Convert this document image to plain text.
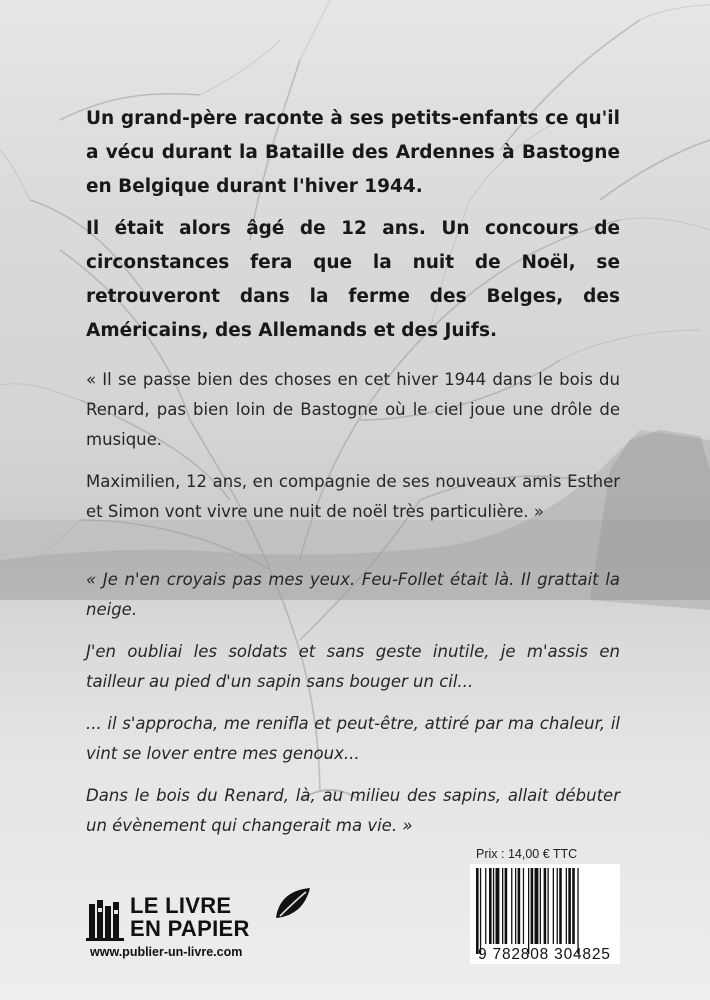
Un grand-père raconte à ses petits-enfants ce qu'il a vécu durant la Bataille des Ardennes à Bastogne en Belgique durant l'hiver 1944.

Il était alors âgé de 12 ans. Un concours de circonstances fera que la nuit de Noël, se retrouveront dans la ferme des Belges, des Américains, des Allemands et des Juifs.

« Il se passe bien des choses en cet hiver 1944 dans le bois du Renard, pas bien loin de Bastogne où le ciel joue une drôle de musique.

Maximilien, 12 ans, en compagnie de ses nouveaux amis Esther et Simon vont vivre une nuit de noël très particulière. »

« Je n'en croyais pas mes yeux. Feu-Follet était là. Il grattait la neige.

J'en oubliai les soldats et sans geste inutile, je m'assis en tailleur au pied d'un sapin sans bouger un cil...

... il s'approcha, me renifla et peut-être, attiré par ma chaleur, il vint se lover entre mes genoux...

Dans le bois du Renard, là, au milieu des sapins, allait débuter un évènement qui changerait ma vie. »

LE LIVRE
EN PAPIER
www.publier-un-livre.com
Prix : 14,00 € TTC
9 782808 304825
